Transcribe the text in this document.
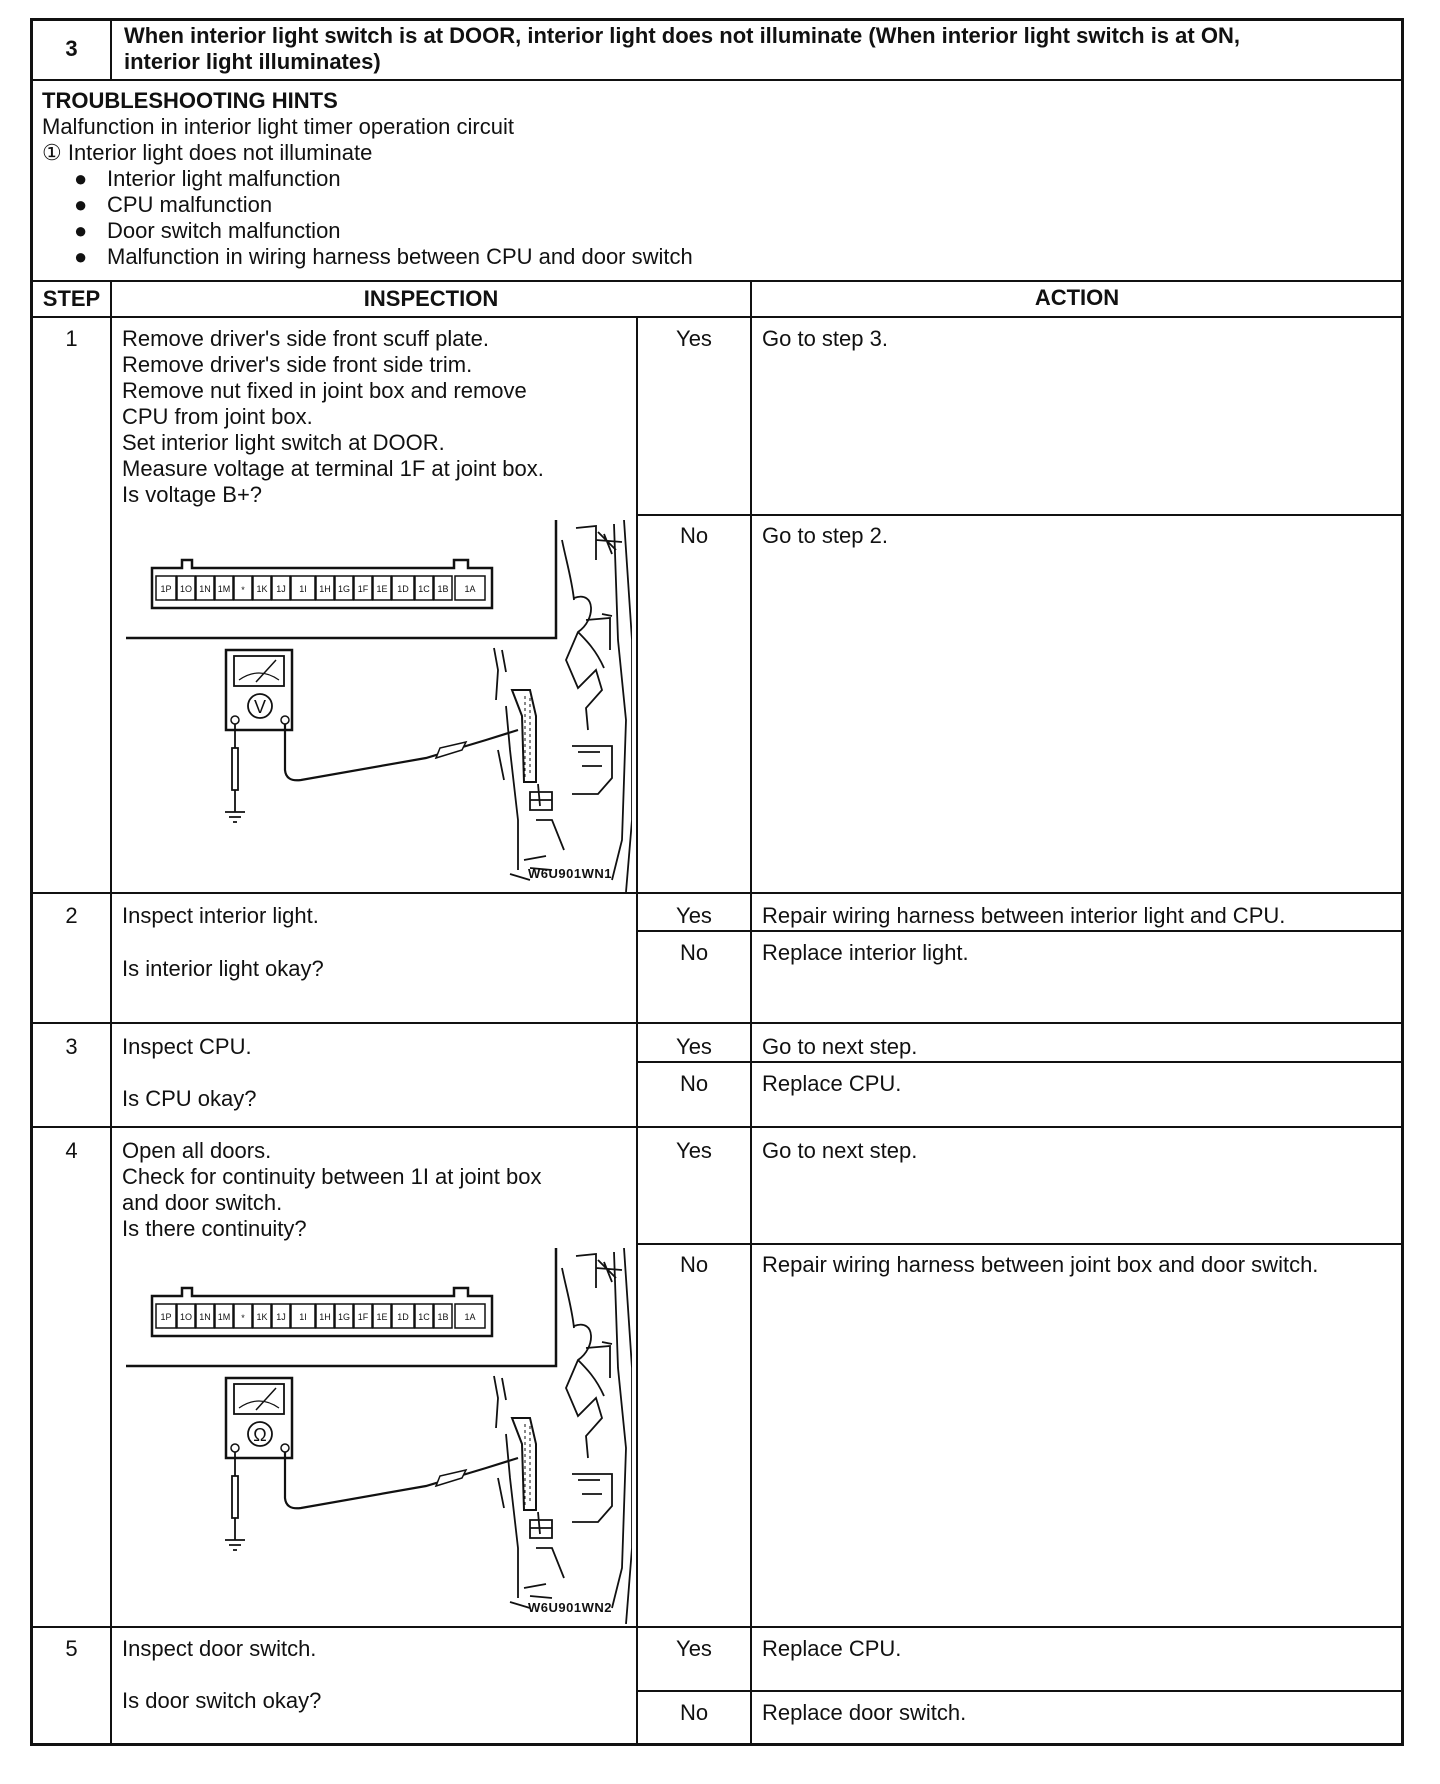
3
When interior light switch is at DOOR, interior light does not illuminate (When interior light switch is at ON,
interior light illuminates)
TROUBLESHOOTING HINTS
Malfunction in interior light timer operation circuit
① Interior light does not illuminate
● Interior light malfunction
● CPU malfunction
● Door switch malfunction
● Malfunction in wiring harness between CPU and door switch
STEP	INSPECTION	ACTION
1	Remove driver's side front scuff plate.
Remove driver's side front side trim.
Remove nut fixed in joint box and remove
CPU from joint box.
Set interior light switch at DOOR.
Measure voltage at terminal 1F at joint box.
Is voltage B+?
Yes	Go to step 3.
No	Go to step 2.
1P 1O 1N 1M * 1K 1J 1I 1H 1G 1F 1E 1D 1C 1B 1A
V
W6U901WN1
2	Inspect interior light.
Is interior light okay?
Yes	Repair wiring harness between interior light and CPU.
No	Replace interior light.
3	Inspect CPU.
Is CPU okay?
Yes	Go to next step.
No	Replace CPU.
4	Open all doors.
Check for continuity between 1I at joint box
and door switch.
Is there continuity?
Yes	Go to next step.
No	Repair wiring harness between joint box and door switch.
1P 1O 1N 1M * 1K 1J 1I 1H 1G 1F 1E 1D 1C 1B 1A
Ω
W6U901WN2
5	Inspect door switch.
Is door switch okay?
Yes	Replace CPU.
No	Replace door switch.
